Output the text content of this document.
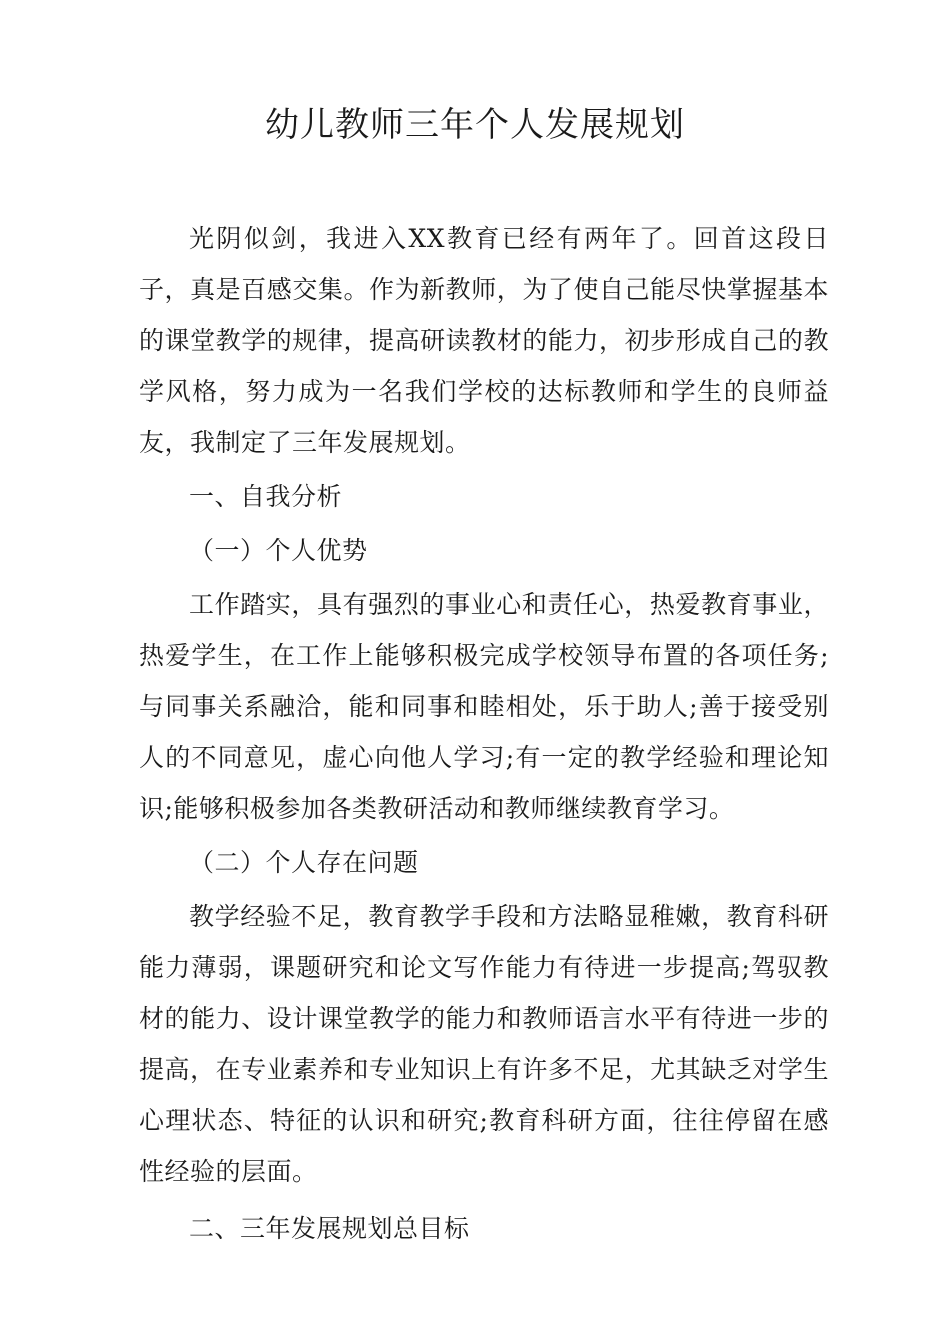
幼儿教师三年个人发展规划

光阴似剑，我进入XX教育已经有两年了。回首这段日子，真是百感交集。作为新教师，为了使自己能尽快掌握基本的课堂教学的规律，提高研读教材的能力，初步形成自己的教学风格，努力成为一名我们学校的达标教师和学生的良师益友，我制定了三年发展规划。

一、自我分析

（一）个人优势

工作踏实，具有强烈的事业心和责任心，热爱教育事业，热爱学生，在工作上能够积极完成学校领导布置的各项任务;与同事关系融洽，能和同事和睦相处，乐于助人;善于接受别人的不同意见，虚心向他人学习;有一定的教学经验和理论知识;能够积极参加各类教研活动和教师继续教育学习。

（二）个人存在问题

教学经验不足，教育教学手段和方法略显稚嫩，教育科研能力薄弱，课题研究和论文写作能力有待进一步提高;驾驭教材的能力、设计课堂教学的能力和教师语言水平有待进一步的提高，在专业素养和专业知识上有许多不足，尤其缺乏对学生心理状态、特征的认识和研究;教育科研方面，往往停留在感性经验的层面。

二、三年发展规划总目标
